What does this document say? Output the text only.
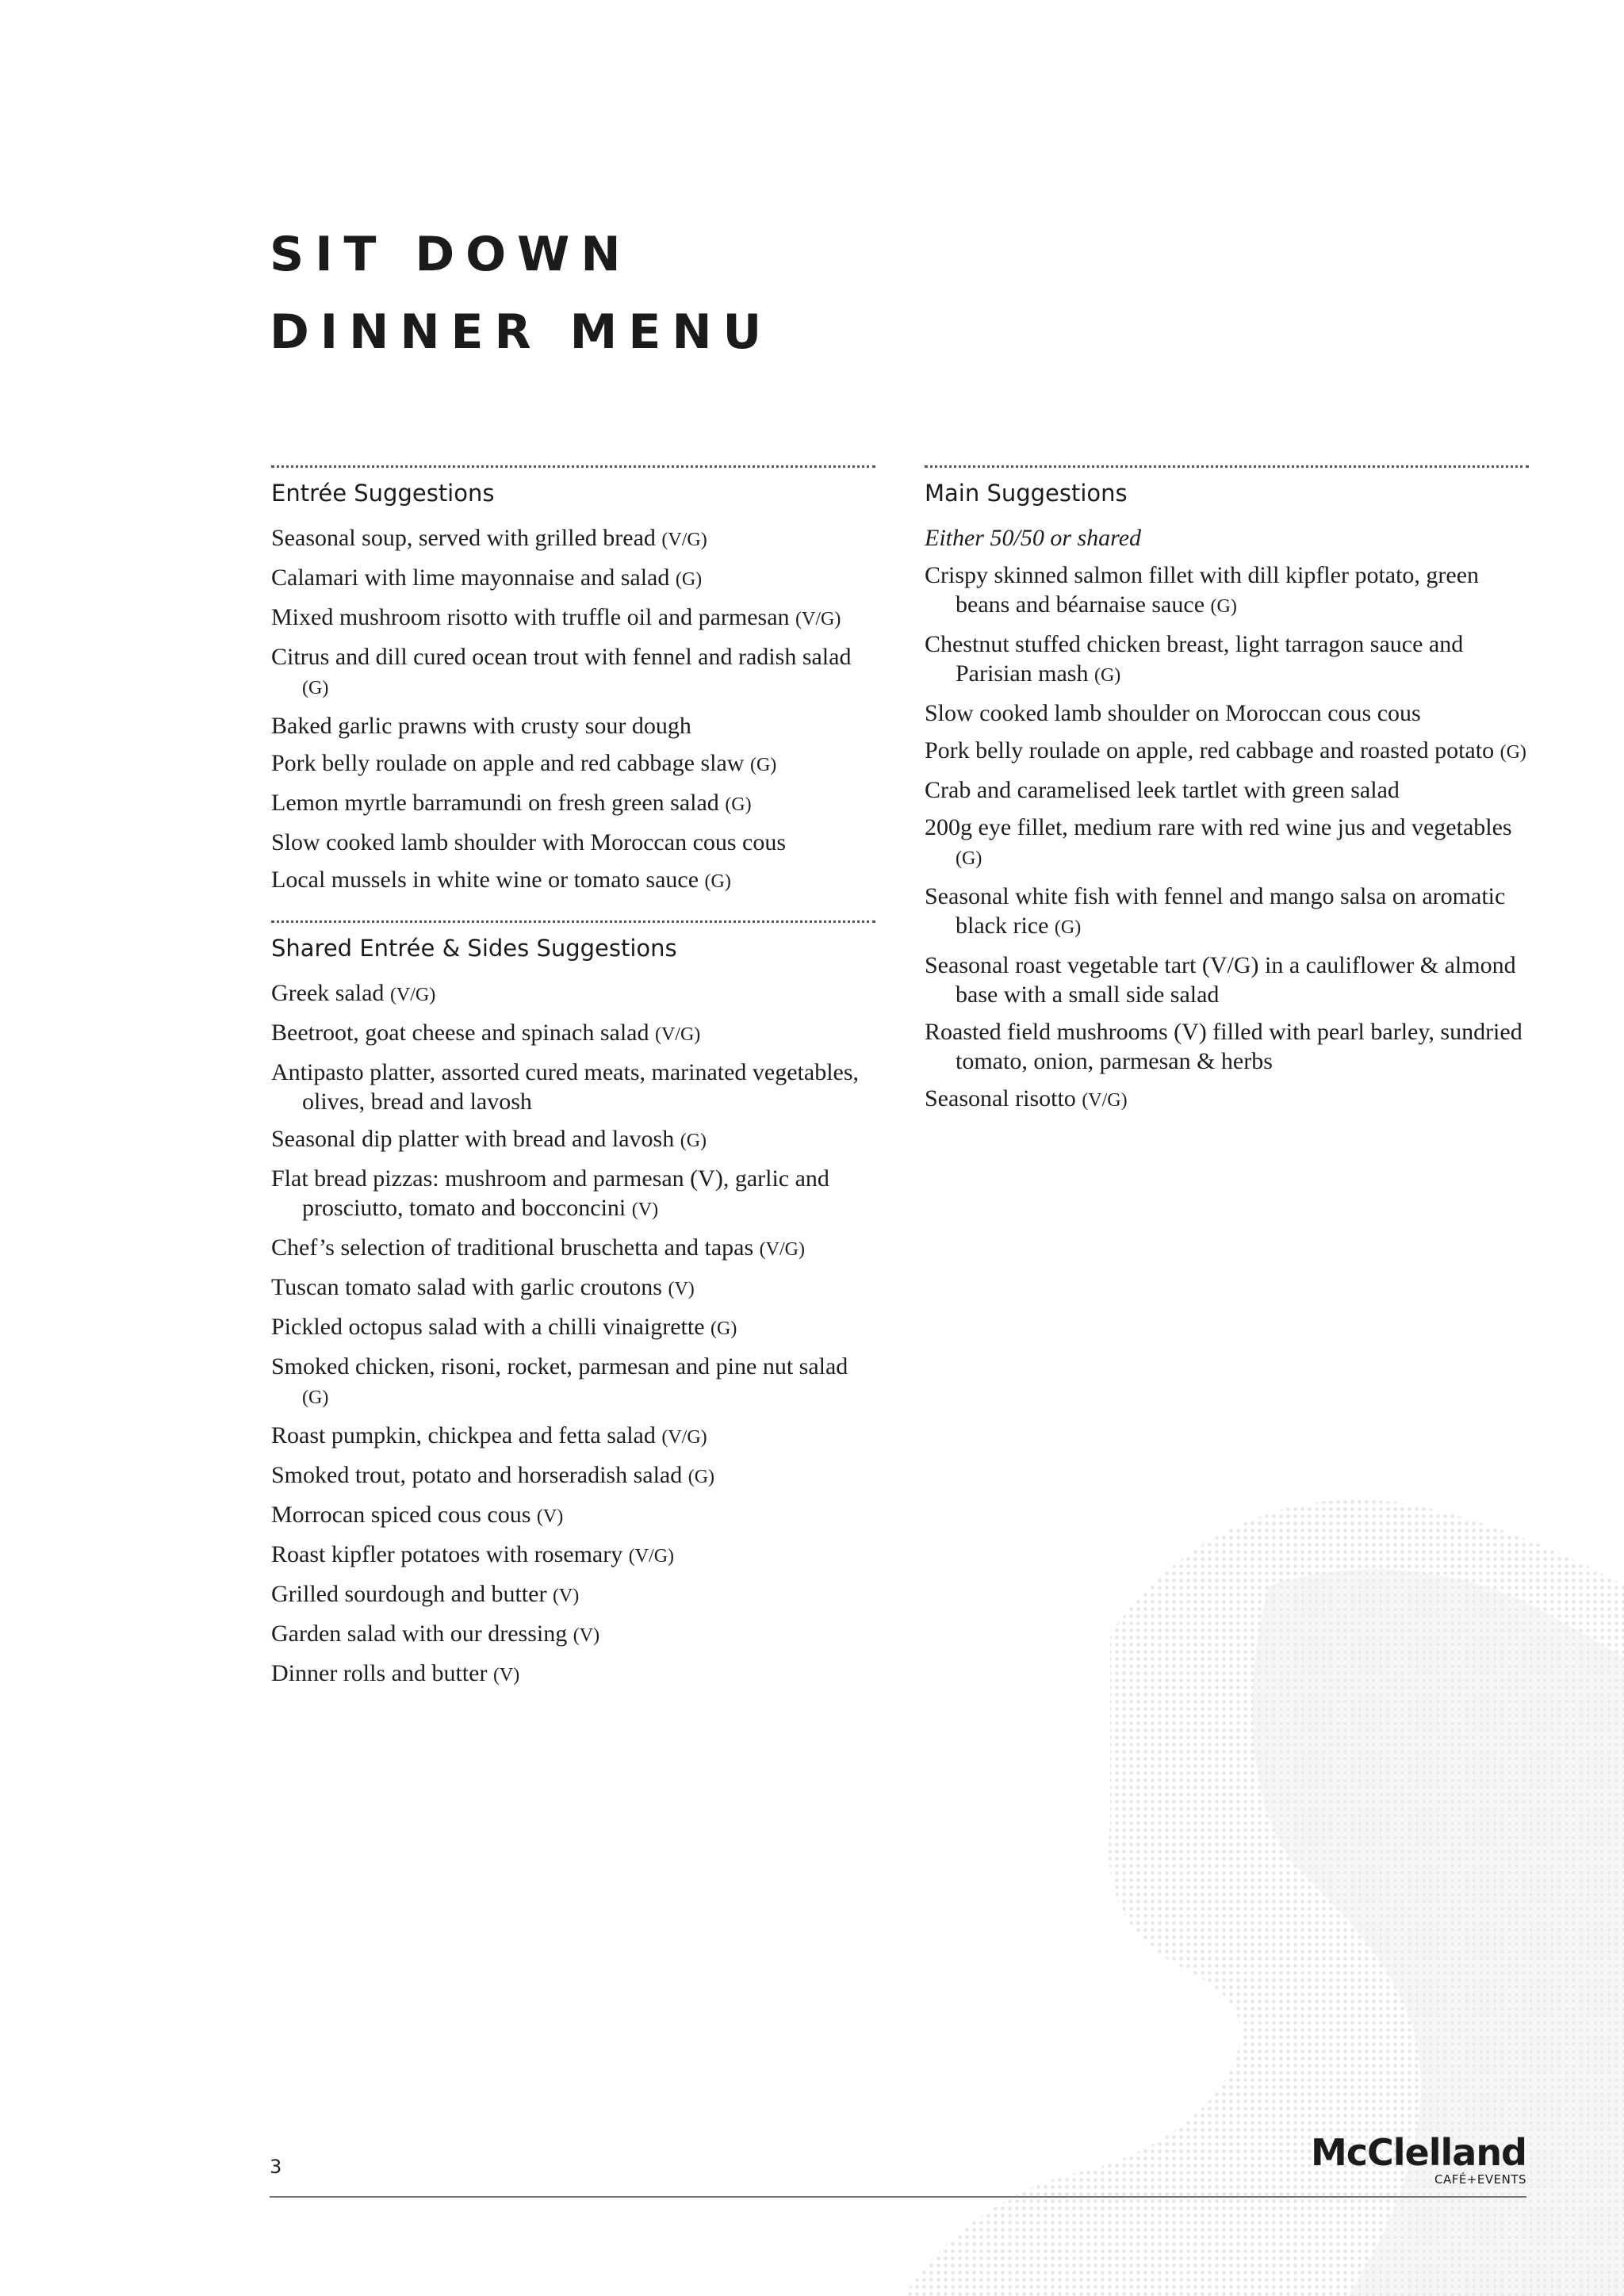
SIT DOWN
DINNER MENU
Entrée Suggestions
Seasonal soup, served with grilled bread (V/G)
Calamari with lime mayonnaise and salad (G)
Mixed mushroom risotto with truffle oil and parmesan (V/G)
Citrus and dill cured ocean trout with fennel and radish salad (G)
Baked garlic prawns with crusty sour dough
Pork belly roulade on apple and red cabbage slaw (G)
Lemon myrtle barramundi on fresh green salad (G)
Slow cooked lamb shoulder with Moroccan cous cous
Local mussels in white wine or tomato sauce (G)
Shared Entrée & Sides Suggestions
Greek salad (V/G)
Beetroot, goat cheese and spinach salad (V/G)
Antipasto platter, assorted cured meats, marinated vegetables, olives, bread and lavosh
Seasonal dip platter with bread and lavosh (G)
Flat bread pizzas: mushroom and parmesan (V), garlic and prosciutto, tomato and bocconcini (V)
Chef’s selection of traditional bruschetta and tapas (V/G)
Tuscan tomato salad with garlic croutons (V)
Pickled octopus salad with a chilli vinaigrette (G)
Smoked chicken, risoni, rocket, parmesan and pine nut salad (G)
Roast pumpkin, chickpea and fetta salad (V/G)
Smoked trout, potato and horseradish salad (G)
Morrocan spiced cous cous (V)
Roast kipfler potatoes with rosemary (V/G)
Grilled sourdough and butter (V)
Garden salad with our dressing (V)
Dinner rolls and butter (V)
Main Suggestions
Either 50/50 or shared
Crispy skinned salmon fillet with dill kipfler potato, green beans and béarnaise sauce (G)
Chestnut stuffed chicken breast, light tarragon sauce and Parisian mash (G)
Slow cooked lamb shoulder on Moroccan cous cous
Pork belly roulade on apple, red cabbage and roasted potato (G)
Crab and caramelised leek tartlet with green salad
200g eye fillet, medium rare with red wine jus and vegetables (G)
Seasonal white fish with fennel and mango salsa on aromatic black rice (G)
Seasonal roast vegetable tart (V/G) in a cauliflower & almond base with a small side salad
Roasted field mushrooms (V) filled with pearl barley, sundried tomato, onion, parmesan & herbs
Seasonal risotto (V/G)
3	McClelland
CAFÉ+EVENTS
